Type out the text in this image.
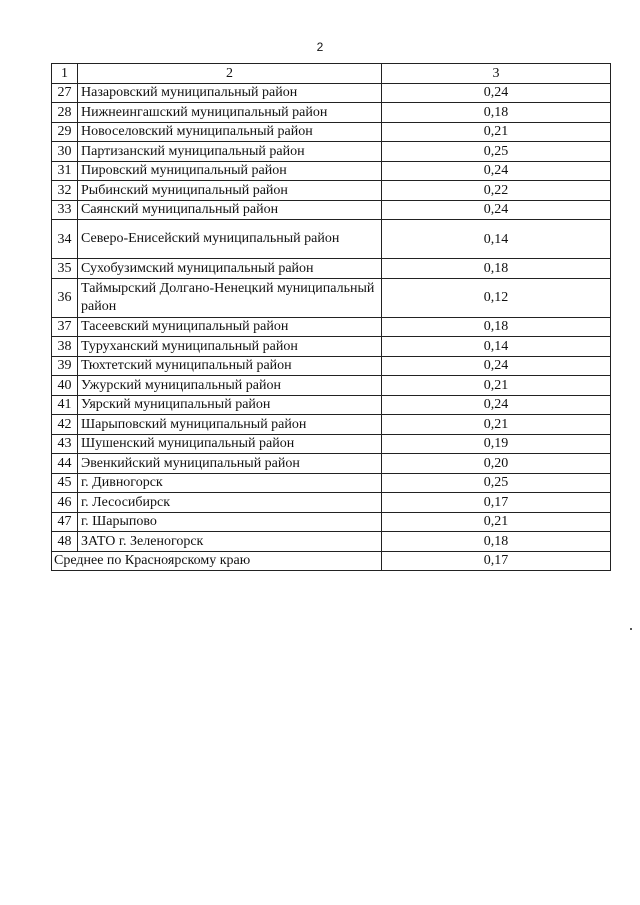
2
1	2	3
27	Назаровский муниципальный район	0,24
28	Нижнеингашский муниципальный район	0,18
29	Новоселовский муниципальный район	0,21
30	Партизанский муниципальный район	0,25
31	Пировский муниципальный район	0,24
32	Рыбинский муниципальный район	0,22
33	Саянский муниципальный район	0,24
34	Северо-Енисейский муниципальный район	0,14
35	Сухобузимский муниципальный район	0,18
36	Таймырский Долгано-Ненецкий муниципальный район	0,12
37	Тасеевский муниципальный район	0,18
38	Туруханский муниципальный район	0,14
39	Тюхтетский муниципальный район	0,24
40	Ужурский муниципальный район	0,21
41	Уярский муниципальный район	0,24
42	Шарыповский муниципальный район	0,21
43	Шушенский муниципальный район	0,19
44	Эвенкийский муниципальный район	0,20
45	г. Дивногорск	0,25
46	г. Лесосибирск	0,17
47	г. Шарыпово	0,21
48	ЗАТО г. Зеленогорск	0,18
Среднее по Красноярскому краю		0,17
